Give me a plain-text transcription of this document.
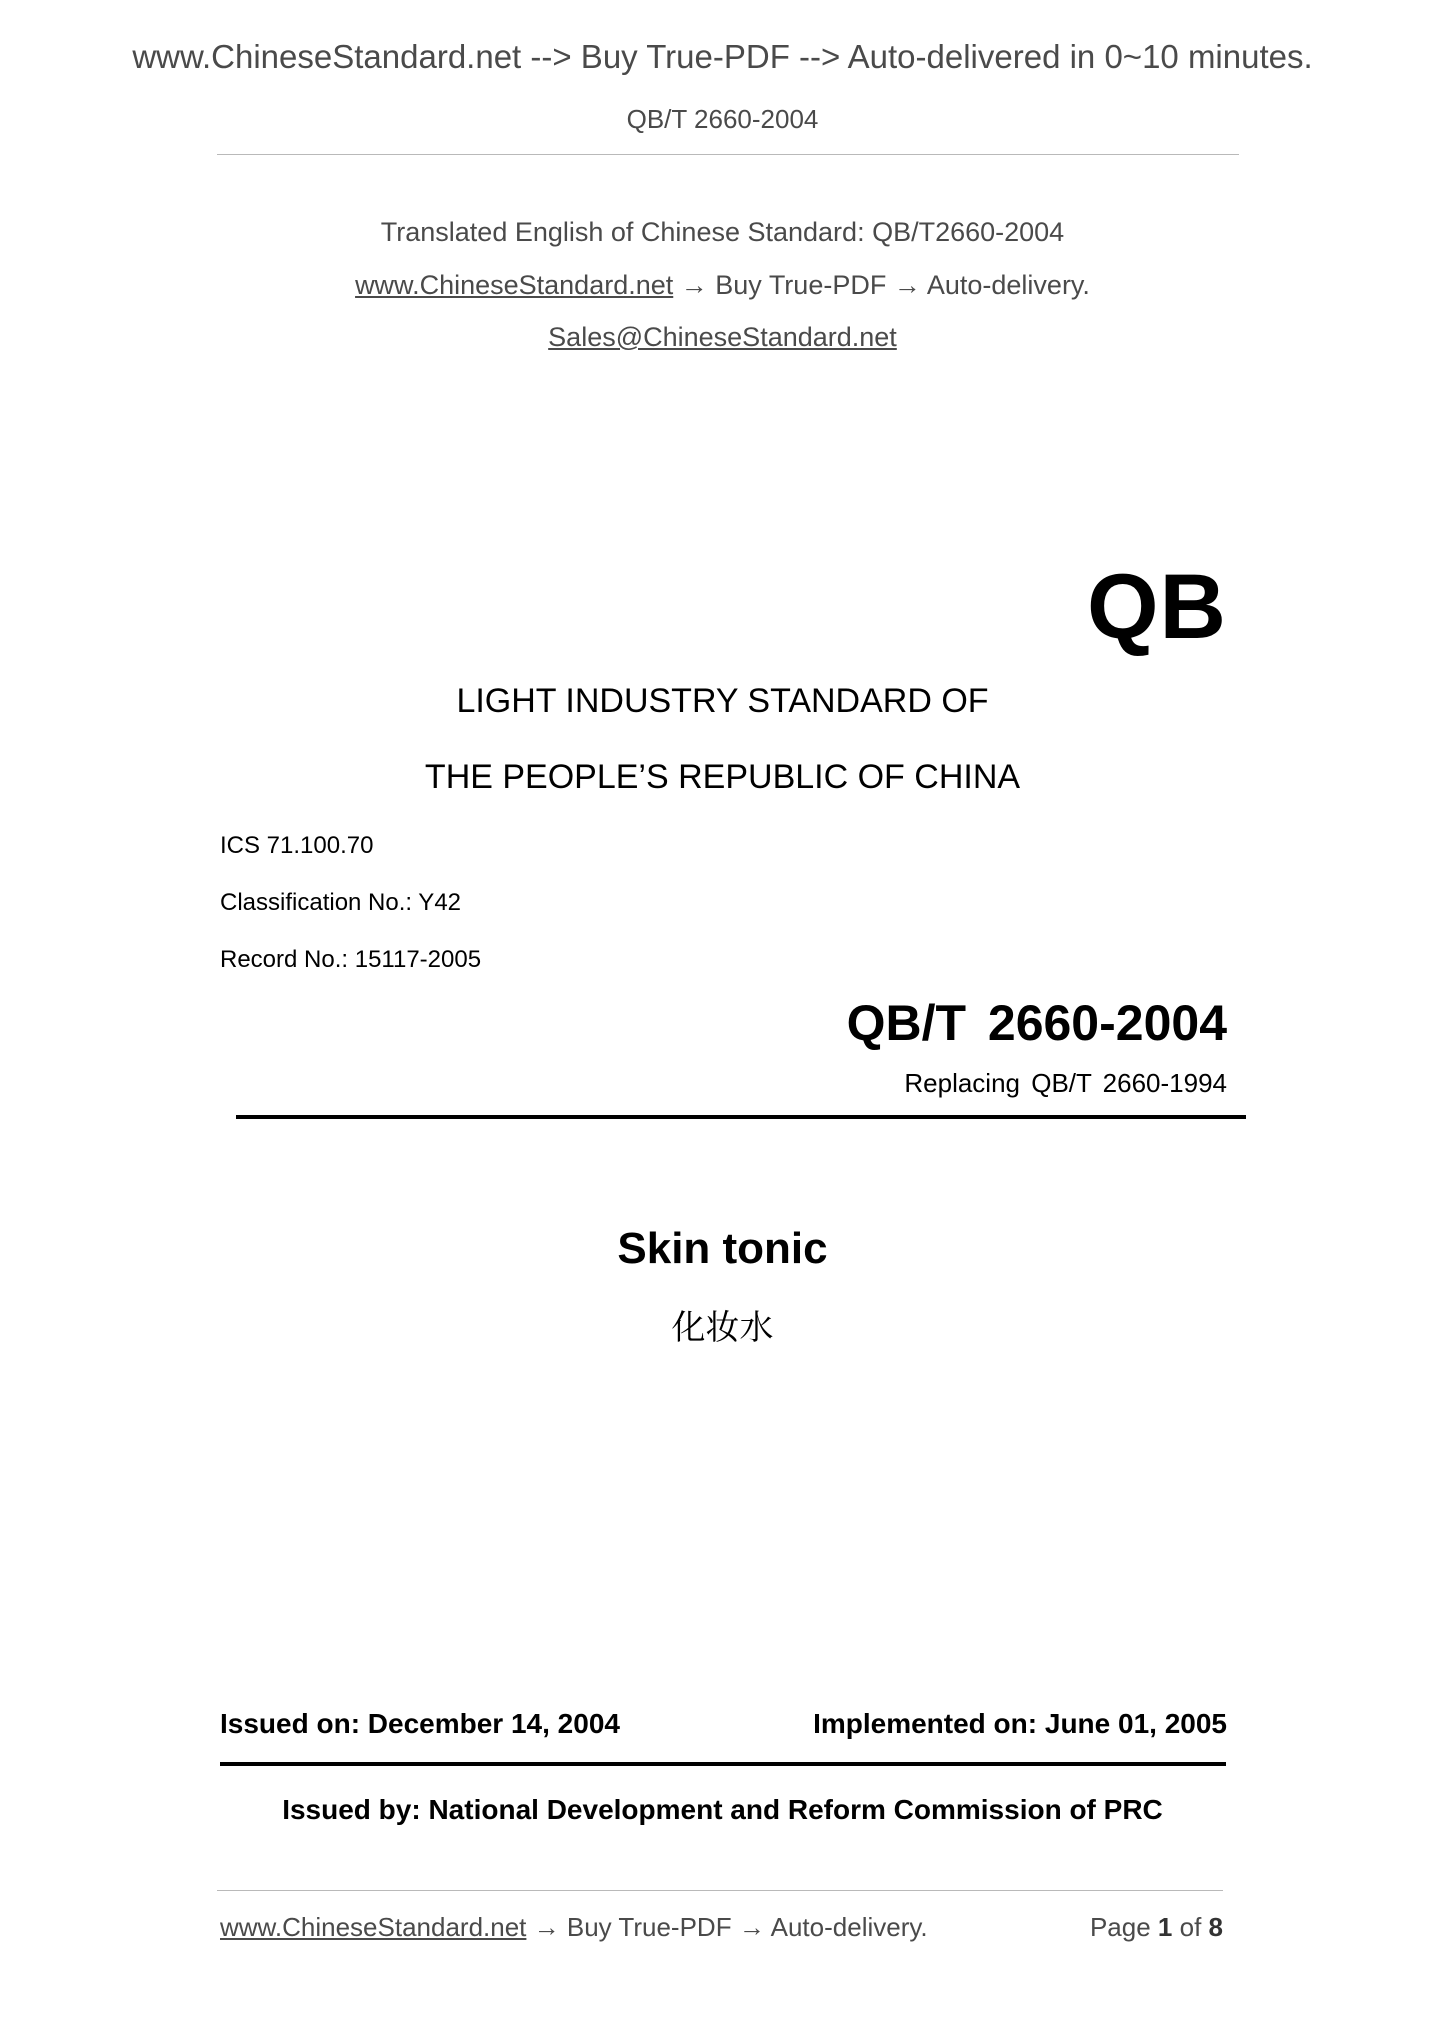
www.ChineseStandard.net --> Buy True-PDF --> Auto-delivered in 0~10 minutes.
QB/T 2660-2004
Translated English of Chinese Standard: QB/T2660-2004
www.ChineseStandard.net → Buy True-PDF → Auto-delivery.
Sales@ChineseStandard.net
QB
LIGHT INDUSTRY STANDARD OF
THE PEOPLE’S REPUBLIC OF CHINA
ICS 71.100.70
Classification No.: Y42
Record No.: 15117-2005
QB/T 2660-2004
Replacing QB/T 2660-1994
Skin tonic
化妆水
Issued on: December 14, 2004	Implemented on: June 01, 2005
Issued by: National Development and Reform Commission of PRC
www.ChineseStandard.net → Buy True-PDF → Auto-delivery.	Page 1 of 8
